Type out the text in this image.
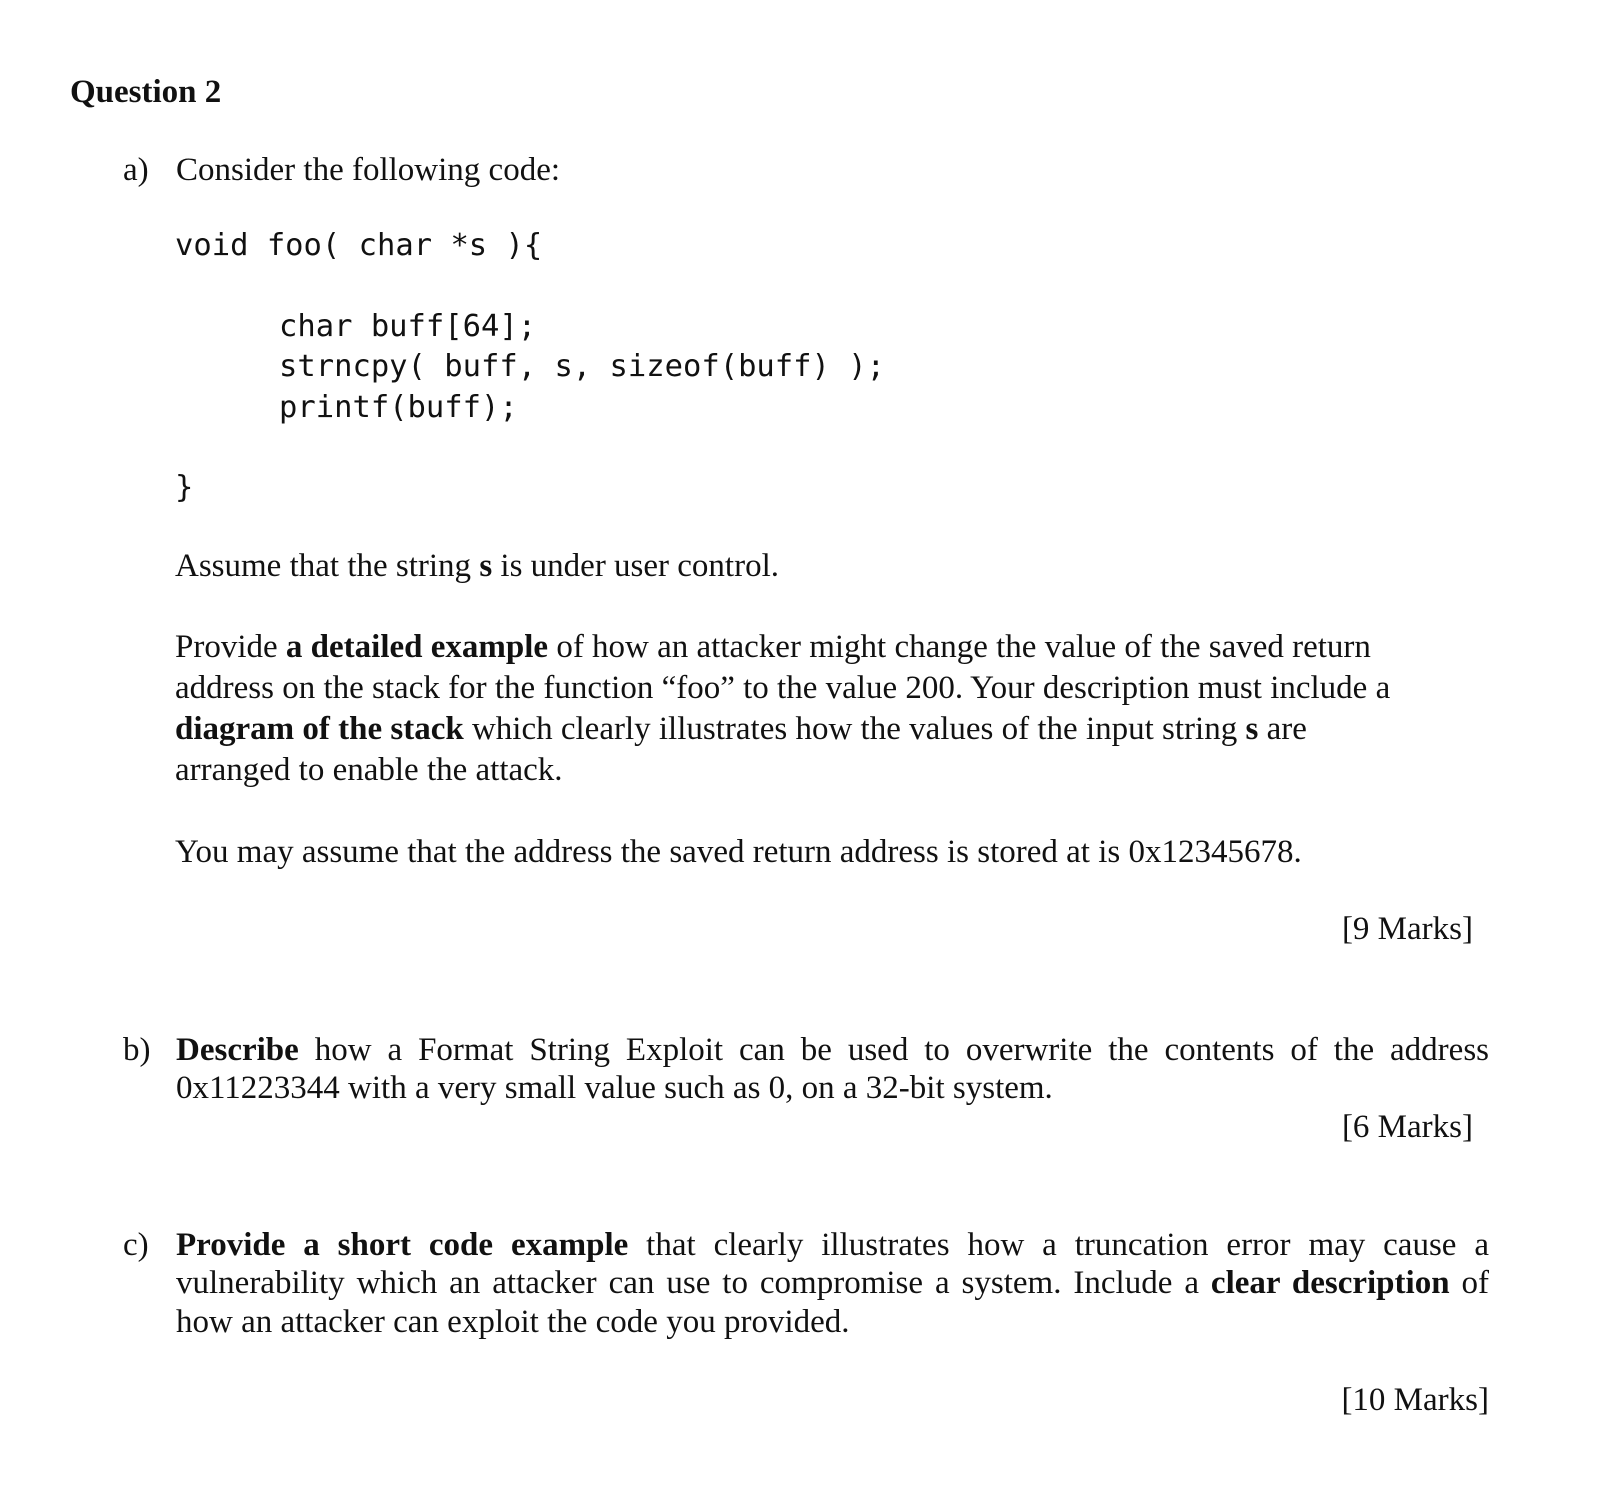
Question 2
a) Consider the following code:
void foo( char *s ){
char buff[64];
strncpy( buff, s, sizeof(buff) );
printf(buff);
}
Assume that the string s is under user control.
Provide a detailed example of how an attacker might change the value of the saved return
address on the stack for the function “foo” to the value 200. Your description must include a
diagram of the stack which clearly illustrates how the values of the input string s are
arranged to enable the attack.
You may assume that the address the saved return address is stored at is 0x12345678.
[9 Marks]
b) Describe how a Format String Exploit can be used to overwrite the contents of the address
0x11223344 with a very small value such as 0, on a 32-bit system.
[6 Marks]
c) Provide a short code example that clearly illustrates how a truncation error may cause a
vulnerability which an attacker can use to compromise a system. Include a clear description of
how an attacker can exploit the code you provided.
[10 Marks]
